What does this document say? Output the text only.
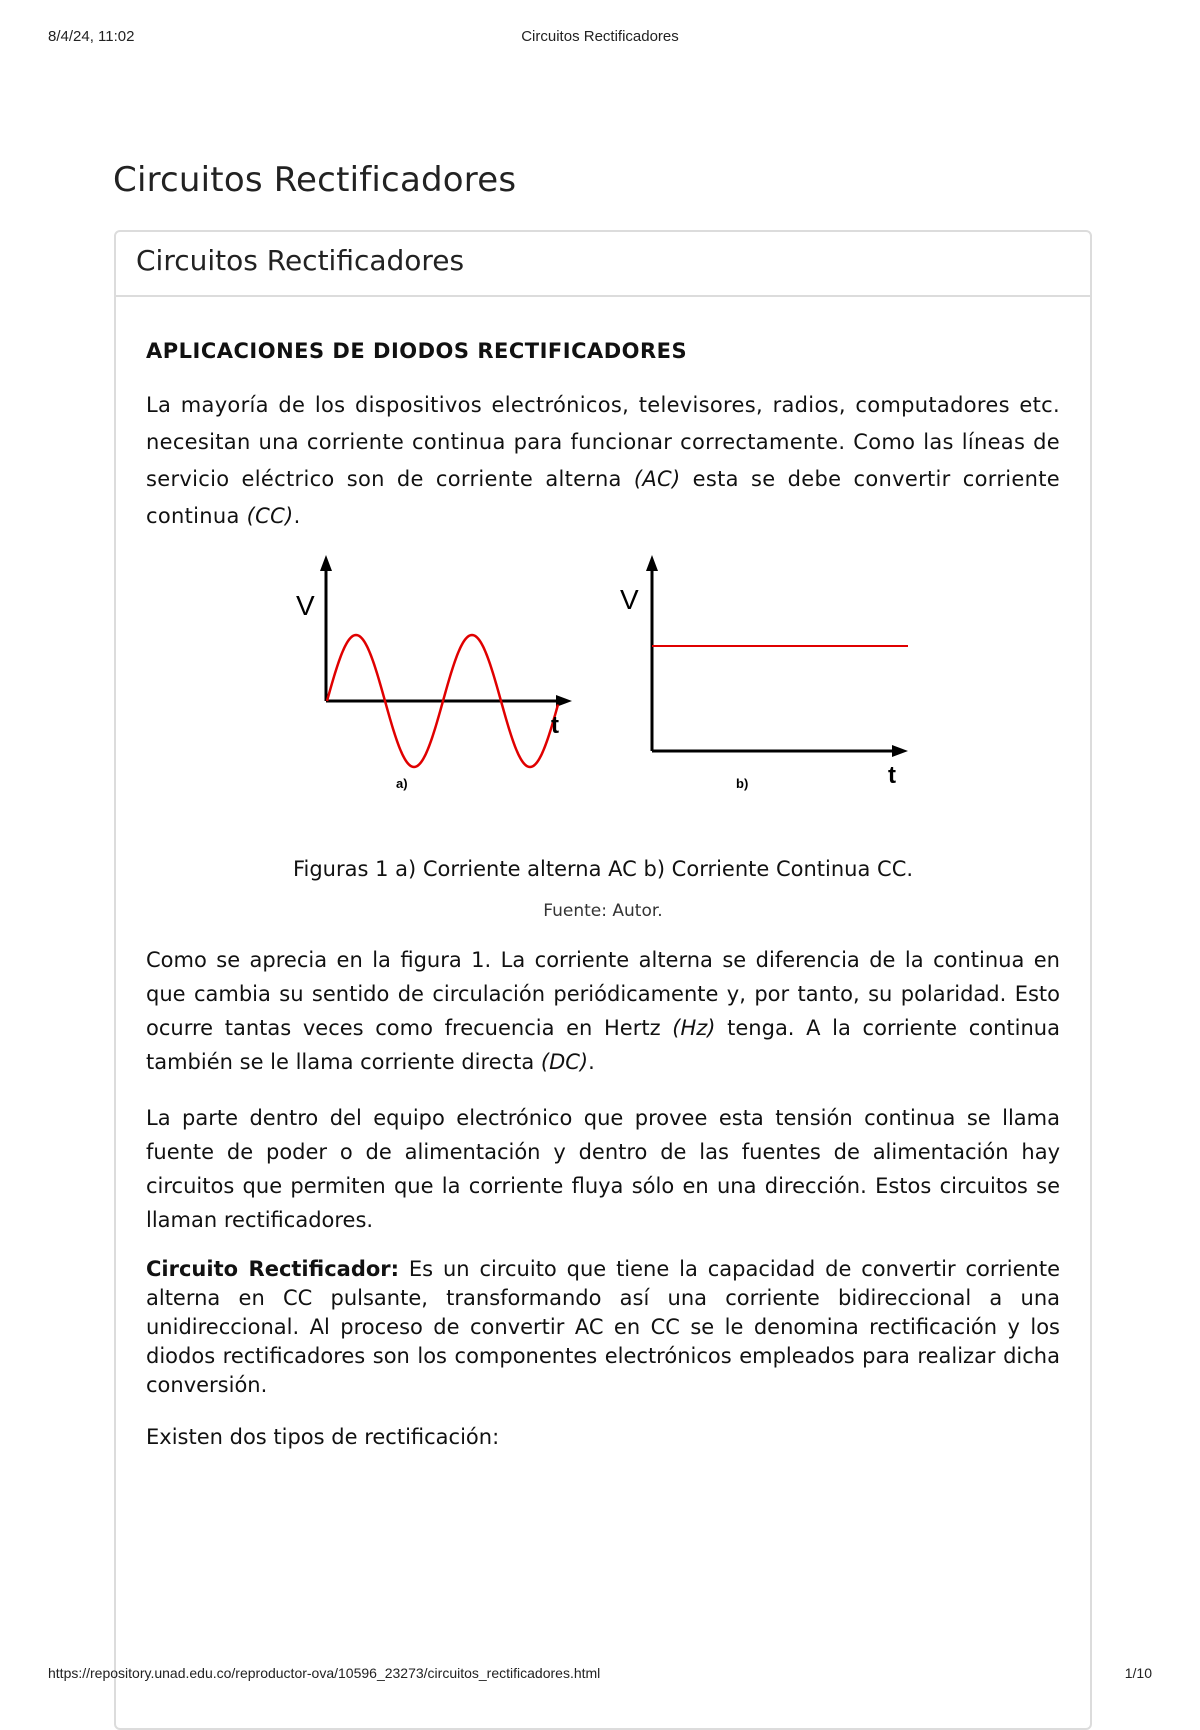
8/4/24, 11:02	Circuitos Rectificadores
Circuitos Rectificadores
Circuitos Rectificadores
APLICACIONES DE DIODOS RECTIFICADORES

La mayoría de los dispositivos electrónicos, televisores, radios, computadores etc. necesitan una corriente continua para funcionar correctamente. Como las líneas de servicio eléctrico son de corriente alterna (AC) esta se debe convertir corriente continua (CC).

V
t
a)
V
t
b)
Figuras 1 a) Corriente alterna AC b) Corriente Continua CC.
Fuente: Autor.

Como se aprecia en la figura 1. La corriente alterna se diferencia de la continua en que cambia su sentido de circulación periódicamente y, por tanto, su polaridad. Esto ocurre tantas veces como frecuencia en Hertz (Hz) tenga. A la corriente continua también se le llama corriente directa (DC).

La parte dentro del equipo electrónico que provee esta tensión continua se llama fuente de poder o de alimentación y dentro de las fuentes de alimentación hay circuitos que permiten que la corriente fluya sólo en una dirección. Estos circuitos se llaman rectificadores.

Circuito Rectificador: Es un circuito que tiene la capacidad de convertir corriente alterna en CC pulsante, transformando así una corriente bidireccional a una unidireccional. Al proceso de convertir AC en CC se le denomina rectificación y los diodos rectificadores son los componentes electrónicos empleados para realizar dicha conversión.

Existen dos tipos de rectificación:

https://repository.unad.edu.co/reproductor-ova/10596_23273/circuitos_rectificadores.html	1/10
